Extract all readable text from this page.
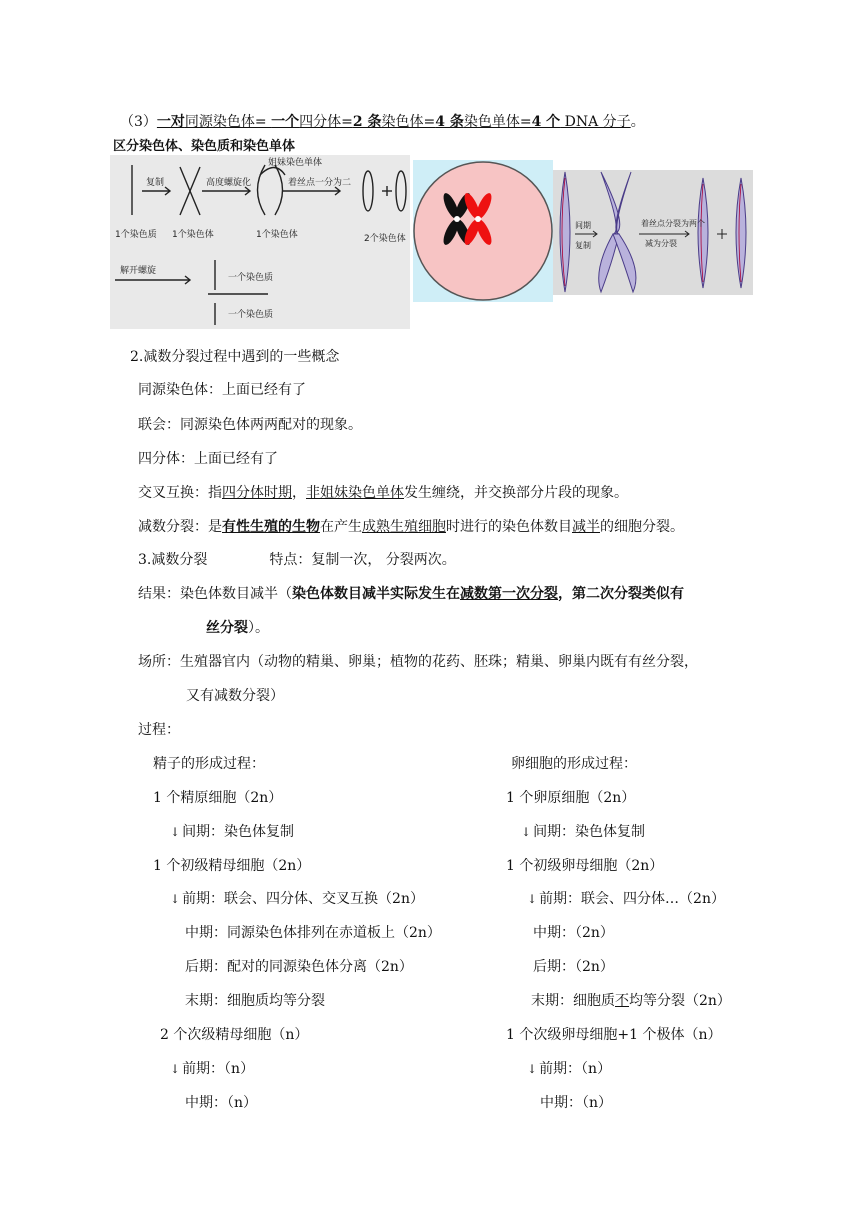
（3）一对同源染色体= 一个四分体=2 条染色体=4 条染色单体=4 个 DNA 分子。
区分染色体、染色质和染色单体
复制	高度螺旋化	着丝点一分为二
姐妹染色单体
1个染色质 1个染色体	1个染色体	2个染色体
解开螺旋
一个染色质
一个染色质
间期
复制
着丝点分裂为两个
减为分裂
2.减数分裂过程中遇到的一些概念
同源染色体：上面已经有了
联会：同源染色体两两配对的现象。
四分体：上面已经有了
交叉互换：指四分体时期，非姐妹染色单体发生缠绕，并交换部分片段的现象。
减数分裂：是有性生殖的生物在产生成熟生殖细胞时进行的染色体数目减半的细胞分裂。
3.减数分裂	特点：复制一次， 分裂两次。
结果：染色体数目减半（染色体数目减半实际发生在减数第一次分裂，第二次分裂类似有
丝分裂）。
场所：生殖器官内（动物的精巢、卵巢；植物的花药、胚珠；精巢、卵巢内既有有丝分裂，
又有减数分裂）
过程：
精子的形成过程：
1 个精原细胞（2n）
↓ 间期：染色体复制
1 个初级精母细胞（2n）
↓ 前期：联会、四分体、交叉互换（2n）
中期：同源染色体排列在赤道板上（2n）
后期：配对的同源染色体分离（2n）
末期：细胞质均等分裂
2 个次级精母细胞（n）
↓ 前期：（n）
中期：（n）
卵细胞的形成过程：
1 个卵原细胞（2n）
↓ 间期：染色体复制
1 个初级卵母细胞（2n）
↓ 前期：联会、四分体…（2n）
中期：（2n）
后期：（2n）
末期：细胞质不均等分裂（2n）
1 个次级卵母细胞+1 个极体（n）
↓ 前期：（n）
中期：（n）
